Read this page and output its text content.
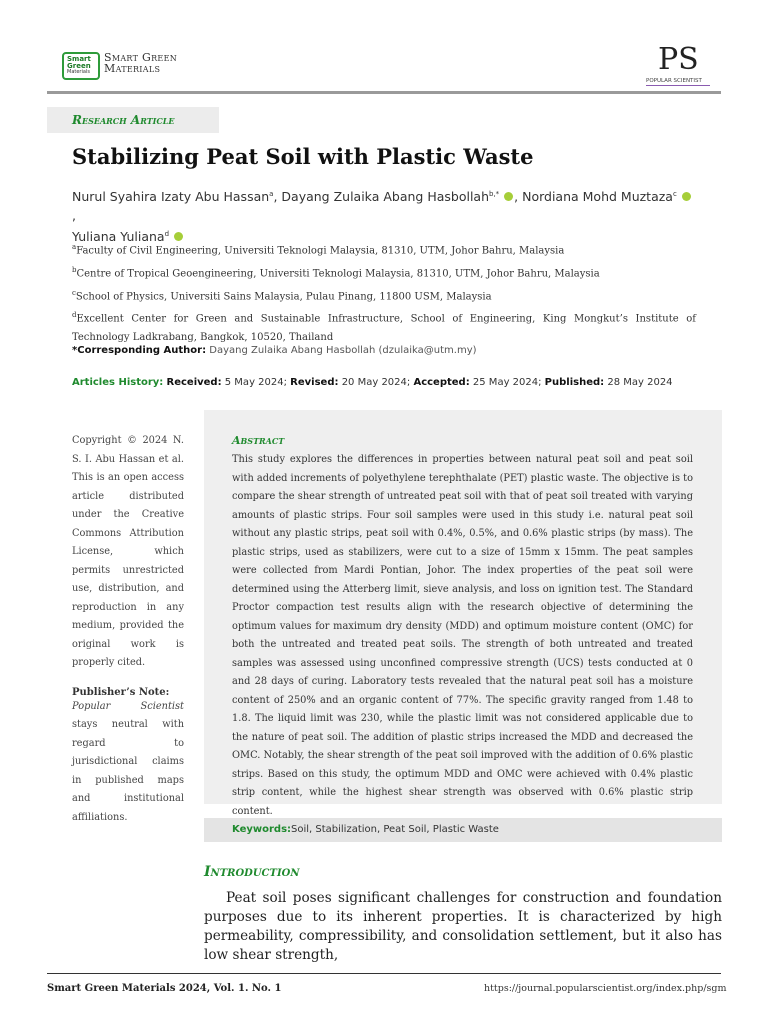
Smart
Green
Materials
Smart Green
Materials	PS
POPULAR SCIENTIST
Research Article
Stabilizing Peat Soil with Plastic Waste
Nurul Syahira Izaty Abu Hassan$^a$, Dayang Zulaika Abang Hasbollah$^{b,*}$ , Nordiana Mohd Muztaza$^c$ ,
Yuliana Yuliana$^d$

$^a$Faculty of Civil Engineering, Universiti Teknologi Malaysia, 81310, UTM, Johor Bahru, Malaysia

$^b$Centre of Tropical Geoengineering, Universiti Teknologi Malaysia, 81310, UTM, Johor Bahru, Malaysia

$^c$School of Physics, Universiti Sains Malaysia, Pulau Pinang, 11800 USM, Malaysia

$^d$Excellent Center for Green and Sustainable Infrastructure, School of Engineering, King Mongkut’s Institute of Technology Ladkrabang, Bangkok, 10520, Thailand

*Corresponding Author: Dayang Zulaika Abang Hasbollah (dzulaika@utm.my)
Articles History: Received: 5 May 2024; Revised: 20 May 2024; Accepted: 25 May 2024; Published: 28 May 2024

Copyright © 2024 N. S. I. Abu Hassan et al. This is an open access article distributed under the Creative Commons Attribution License, which permits unrestricted use, distribution, and reproduction in any medium, provided the original work is properly cited.

Publisher’s Note:

Popular Scientist stays neutral with regard to jurisdictional claims in published maps and institutional affiliations.

Abstract
This study explores the differences in properties between natural peat soil and peat soil with added increments of polyethylene terephthalate (PET) plastic waste. The objective is to compare the shear strength of untreated peat soil with that of peat soil treated with varying amounts of plastic strips. Four soil samples were used in this study i.e. natural peat soil without any plastic strips, peat soil with 0.4%, 0.5%, and 0.6% plastic strips (by mass). The plastic strips, used as stabilizers, were cut to a size of 15mm x 15mm. The peat samples were collected from Mardi Pontian, Johor. The index properties of the peat soil were determined using the Atterberg limit, sieve analysis, and loss on ignition test. The Standard Proctor compaction test results align with the research objective of determining the optimum values for maximum dry density (MDD) and optimum moisture content (OMC) for both the untreated and treated peat soils. The strength of both untreated and treated samples was assessed using unconfined compressive strength (UCS) tests conducted at 0 and 28 days of curing. Laboratory tests revealed that the natural peat soil has a moisture content of 250% and an organic content of 77%. The specific gravity ranged from 1.48 to 1.8. The liquid limit was 230, while the plastic limit was not considered applicable due to the nature of peat soil. The addition of plastic strips increased the MDD and decreased the OMC. Notably, the shear strength of the peat soil improved with the addition of 0.6% plastic strips. Based on this study, the optimum MDD and OMC were achieved with 0.4% plastic strip content, while the highest shear strength was observed with 0.6% plastic strip content.
Keywords: Soil, Stabilization, Peat Soil, Plastic Waste
Introduction
Peat soil poses significant challenges for construction and foundation purposes due to its inherent properties. It is characterized by high permeability, compressibility, and consolidation settlement, but it also has low shear strength,
Smart Green Materials 2024, Vol. 1. No. 1	https://journal.popularscientist.org/index.php/sgm
